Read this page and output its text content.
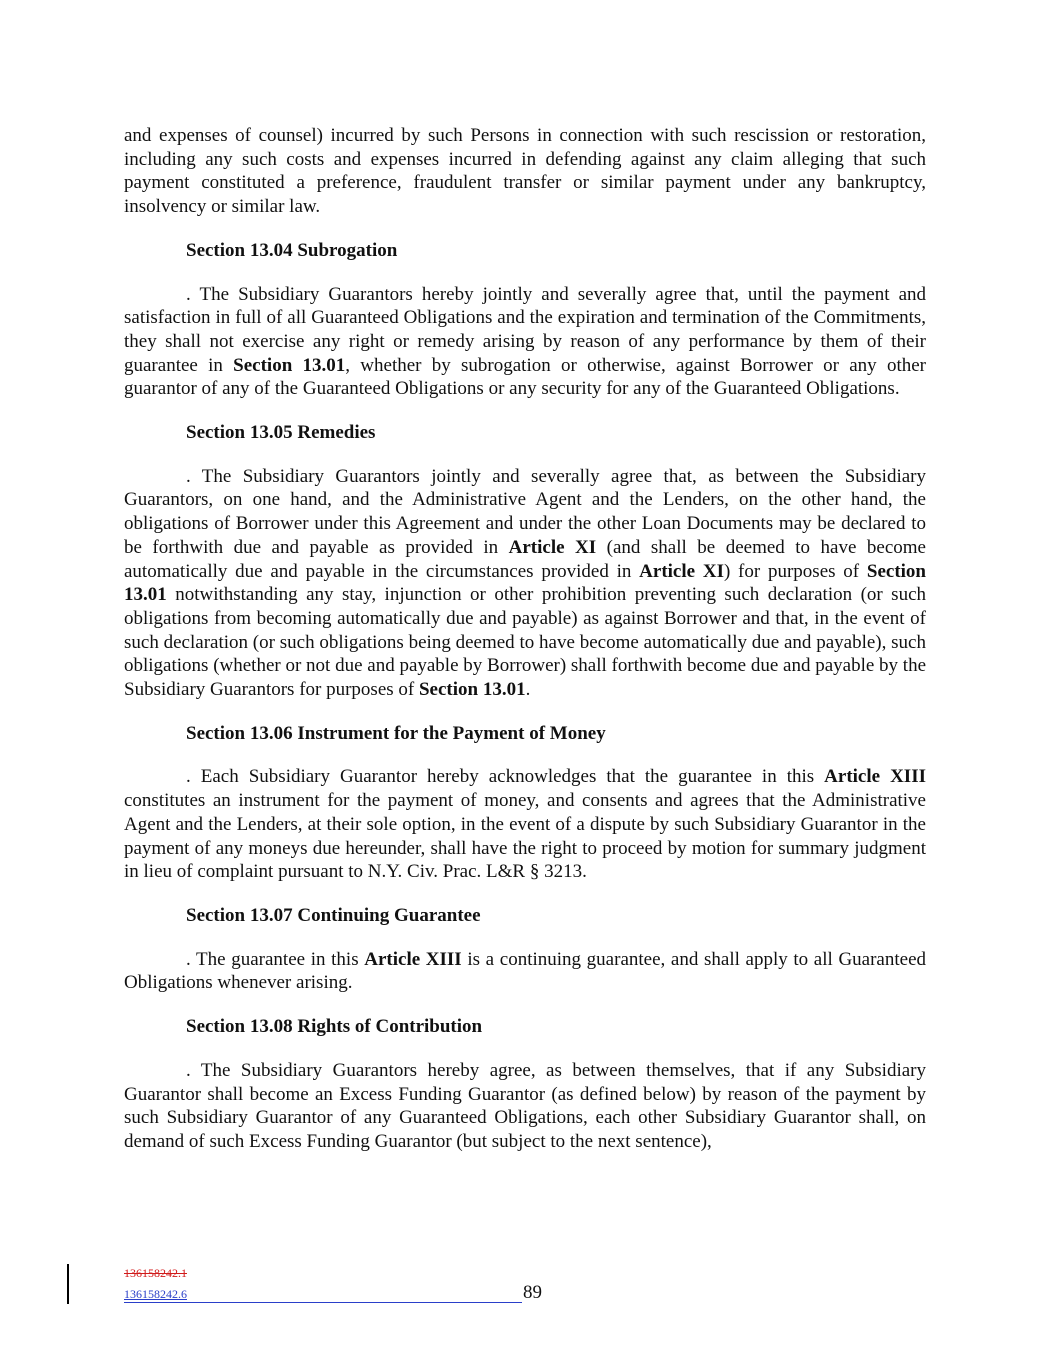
and expenses of counsel) incurred by such Persons in connection with such rescission or restoration, including any such costs and expenses incurred in defending against any claim alleging that such payment constituted a preference, fraudulent transfer or similar payment under any bankruptcy, insolvency or similar law.

Section 13.04 Subrogation

. The Subsidiary Guarantors hereby jointly and severally agree that, until the payment and satisfaction in full of all Guaranteed Obligations and the expiration and termination of the Commitments, they shall not exercise any right or remedy arising by reason of any performance by them of their guarantee in Section 13.01, whether by subrogation or otherwise, against Borrower or any other guarantor of any of the Guaranteed Obligations or any security for any of the Guaranteed Obligations.

Section 13.05 Remedies

. The Subsidiary Guarantors jointly and severally agree that, as between the Subsidiary Guarantors, on one hand, and the Administrative Agent and the Lenders, on the other hand, the obligations of Borrower under this Agreement and under the other Loan Documents may be declared to be forthwith due and payable as provided in Article XI (and shall be deemed to have become automatically due and payable in the circumstances provided in Article XI) for purposes of Section 13.01 notwithstanding any stay, injunction or other prohibition preventing such declaration (or such obligations from becoming automatically due and payable) as against Borrower and that, in the event of such declaration (or such obligations being deemed to have become automatically due and payable), such obligations (whether or not due and payable by Borrower) shall forthwith become due and payable by the Subsidiary Guarantors for purposes of Section 13.01.

Section 13.06 Instrument for the Payment of Money

. Each Subsidiary Guarantor hereby acknowledges that the guarantee in this Article XIII constitutes an instrument for the payment of money, and consents and agrees that the Administrative Agent and the Lenders, at their sole option, in the event of a dispute by such Subsidiary Guarantor in the payment of any moneys due hereunder, shall have the right to proceed by motion for summary judgment in lieu of complaint pursuant to N.Y. Civ. Prac. L&R § 3213.

Section 13.07 Continuing Guarantee

. The guarantee in this Article XIII is a continuing guarantee, and shall apply to all Guaranteed Obligations whenever arising.

Section 13.08 Rights of Contribution

. The Subsidiary Guarantors hereby agree, as between themselves, that if any Subsidiary Guarantor shall become an Excess Funding Guarantor (as defined below) by reason of the payment by such Subsidiary Guarantor of any Guaranteed Obligations, each other Subsidiary Guarantor shall, on demand of such Excess Funding Guarantor (but subject to the next sentence),

136158242.1
136158242.6	89
